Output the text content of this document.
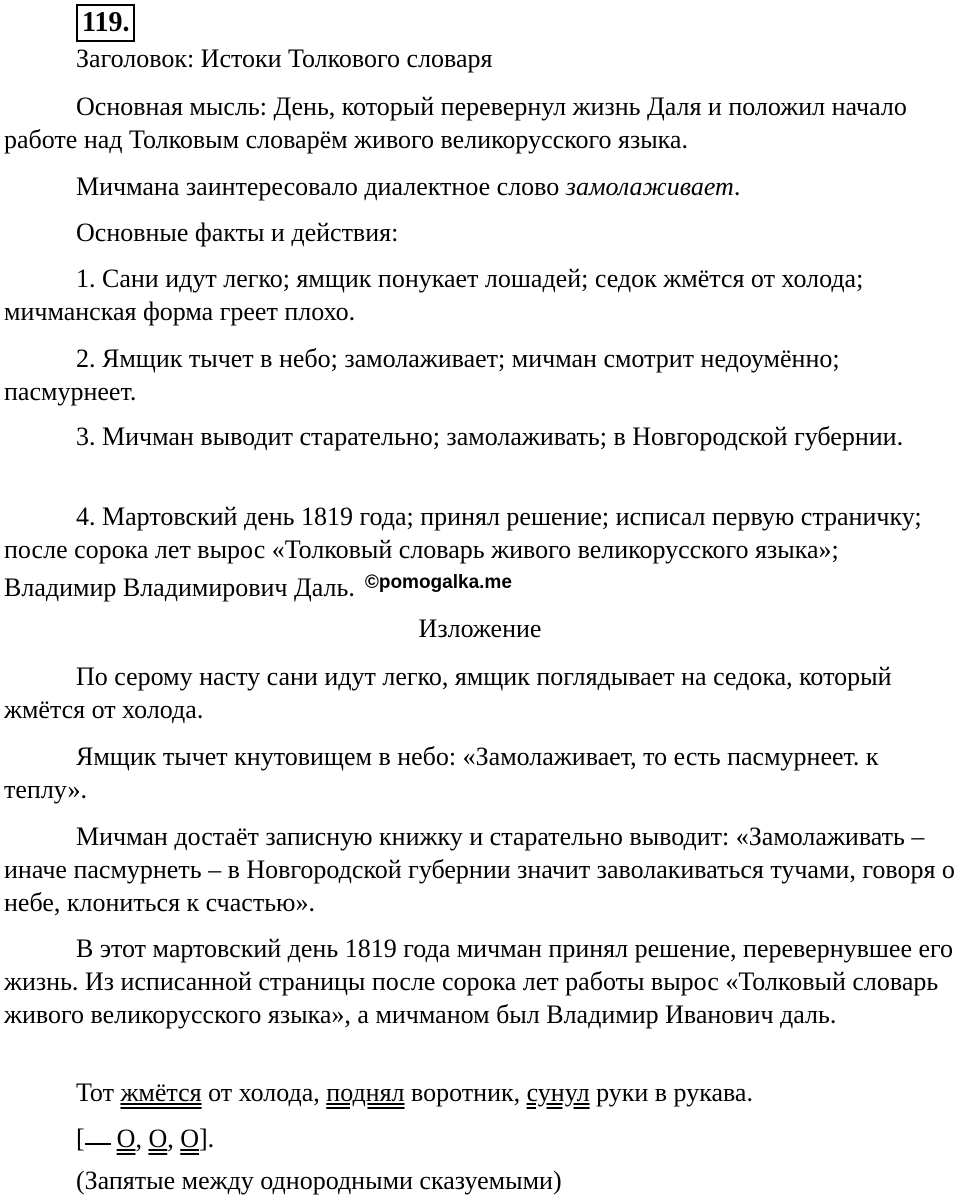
119.

Заголовок: Истоки Толкового словаря

Основная мысль: День, который перевернул жизнь Даля и положил начало работе над Толковым словарём живого великорусского языка.

Мичмана заинтересовало диалектное слово замолаживает.

Основные факты и действия:

1. Сани идут легко; ямщик понукает лошадей; седок жмётся от холода; мичманская форма греет плохо.

2. Ямщик тычет в небо; замолаживает; мичман смотрит недоумённо; пасмурнеет.

3. Мичман выводит старательно; замолаживать; в Новгородской губернии.

4. Мартовский день 1819 года; принял решение; исписал первую страничку; после сорока лет вырос «Толковый словарь живого великорусского языка»; Владимир Владимирович Даль. $^{©pomogalka.me}$

Изложение

По серому насту сани идут легко, ямщик поглядывает на седока, который жмётся от холода.

Ямщик тычет кнутовищем в небо: «Замолаживает, то есть пасмурнеет. к теплу».

Мичман достаёт записную книжку и старательно выводит: «Замолаживать – иначе пасмурнеть – в Новгородской губернии значит заволакиваться тучами, говоря о небе, клониться к счастью».

В этот мартовский день 1819 года мичман принял решение, перевернувшее его жизнь. Из исписанной страницы после сорока лет работы вырос «Толковый словарь живого великорусского языка», а мичманом был Владимир Иванович даль.

Тот жмётся от холода, поднял воротник, сунул руки в рукава.

[ О, О, О].

(Запятые между однородными сказуемыми)
